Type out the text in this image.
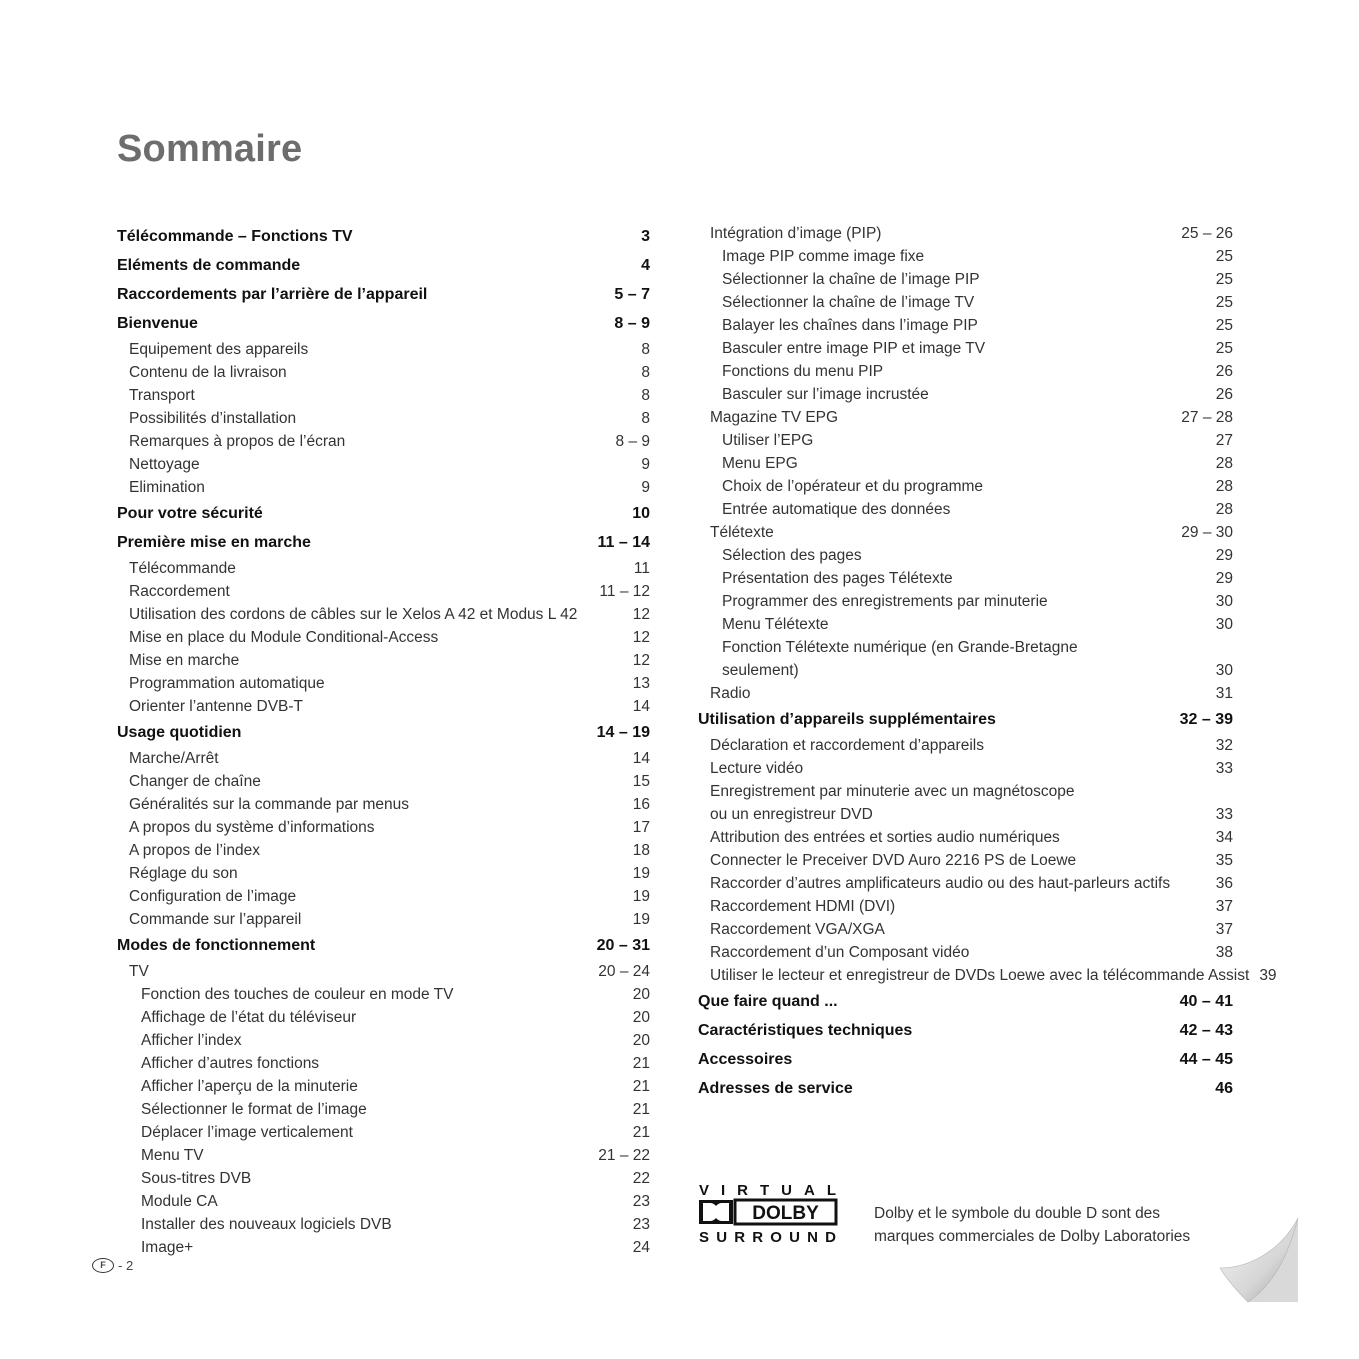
Sommaire
Télécommande – Fonctions TV	3
Eléments de commande	4
Raccordements par l’arrière de l’appareil	5 – 7
Bienvenue	8 – 9
Equipement des appareils	8
Contenu de la livraison	8
Transport	8
Possibilités d’installation	8
Remarques à propos de l’écran	8 – 9
Nettoyage	9
Elimination	9
Pour votre sécurité	10
Première mise en marche	11 – 14
Télécommande	11
Raccordement	11 – 12
Utilisation des cordons de câbles sur le Xelos A 42 et Modus L 42	12
Mise en place du Module Conditional-Access	12
Mise en marche	12
Programmation automatique	13
Orienter l’antenne DVB-T	14
Usage quotidien	14 – 19
Marche/Arrêt	14
Changer de chaîne	15
Généralités sur la commande par menus	16
A propos du système d’informations	17
A propos de l’index	18
Réglage du son	19
Configuration de l’image	19
Commande sur l’appareil	19
Modes de fonctionnement	20 – 31
TV	20 – 24
Fonction des touches de couleur en mode TV	20
Affichage de l’état du téléviseur	20
Afficher l’index	20
Afficher d’autres fonctions	21
Afficher l’aperçu de la minuterie	21
Sélectionner le format de l’image	21
Déplacer l’image verticalement	21
Menu TV	21 – 22
Sous-titres DVB	22
Module CA	23
Installer des nouveaux logiciels DVB	23
Image+	24
Intégration d’image (PIP)	25 – 26
Image PIP comme image fixe	25
Sélectionner la chaîne de l’image PIP	25
Sélectionner la chaîne de l’image TV	25
Balayer les chaînes dans l’image PIP	25
Basculer entre image PIP et image TV	25
Fonctions du menu PIP	26
Basculer sur l’image incrustée	26
Magazine TV EPG	27 – 28
Utiliser l’EPG	27
Menu EPG	28
Choix de l’opérateur et du programme	28
Entrée automatique des données	28
Télétexte	29 – 30
Sélection des pages	29
Présentation des pages Télétexte	29
Programmer des enregistrements par minuterie	30
Menu Télétexte	30
Fonction Télétexte numérique (en Grande-Bretagne
seulement)	30
Radio	31
Utilisation d’appareils supplémentaires	32 – 39
Déclaration et raccordement d’appareils	32
Lecture vidéo	33
Enregistrement par minuterie avec un magnétoscope
ou un enregistreur DVD	33
Attribution des entrées et sorties audio numériques	34
Connecter le Preceiver DVD Auro 2216 PS de Loewe	35
Raccorder d’autres amplificateurs audio ou des haut-parleurs actifs	36
Raccordement HDMI (DVI)	37
Raccordement VGA/XGA	37
Raccordement d’un Composant vidéo	38
Utiliser le lecteur et enregistreur de DVDs Loewe avec la télécommande Assist 39
Que faire quand ...	40 – 41
Caractéristiques techniques	42 – 43
Accessoires	44 – 45
Adresses de service	46
VIRTUAL
DOLBY
SURROUND
Dolby et le symbole du double D sont des
marques commerciales de Dolby Laboratories
F - 2
